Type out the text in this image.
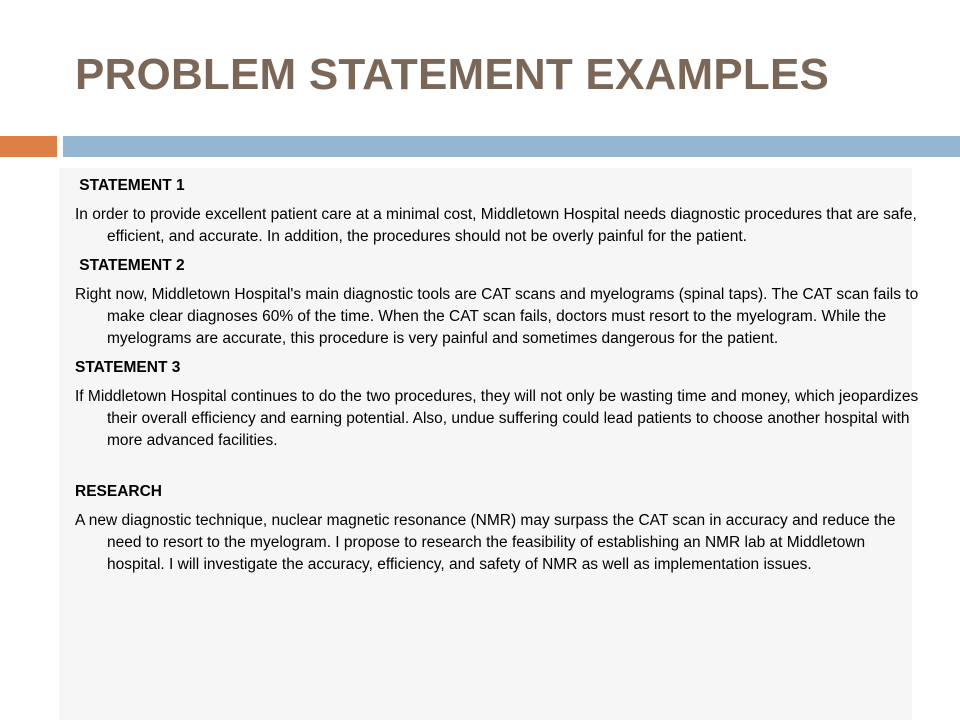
PROBLEM STATEMENT EXAMPLES

STATEMENT 1

In order to provide excellent patient care at a minimal cost, Middletown Hospital needs diagnostic procedures that are safe, efficient, and accurate. In addition, the procedures should not be overly painful for the patient.

STATEMENT 2

Right now, Middletown Hospital's main diagnostic tools are CAT scans and myelograms (spinal taps). The CAT scan fails to make clear diagnoses 60% of the time. When the CAT scan fails, doctors must resort to the myelogram. While the myelograms are accurate, this procedure is very painful and sometimes dangerous for the patient.

STATEMENT 3

If Middletown Hospital continues to do the two procedures, they will not only be wasting time and money, which jeopardizes their overall efficiency and earning potential. Also, undue suffering could lead patients to choose another hospital with more advanced facilities.

RESEARCH

A new diagnostic technique, nuclear magnetic resonance (NMR) may surpass the CAT scan in accuracy and reduce the need to resort to the myelogram. I propose to research the feasibility of establishing an NMR lab at Middletown hospital. I will investigate the accuracy, efficiency, and safety of NMR as well as implementation issues.
